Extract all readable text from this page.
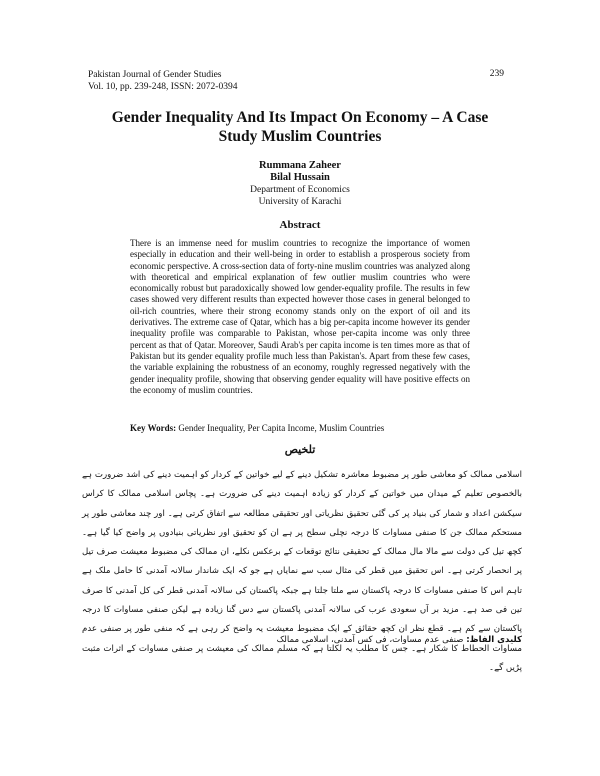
Pakistan Journal of Gender Studies
Vol. 10, pp. 239-248, ISSN: 2072-0394
239
Gender Inequality And Its Impact On Economy – A Case Study Muslim Countries
Rummana Zaheer
Bilal Hussain
Department of Economics
University of Karachi
Abstract

There is an immense need for muslim countries to recognize the importance of women especially in education and their well-being in order to establish a prosperous society from economic perspective. A cross-section data of forty-nine muslim countries was analyzed along with theoretical and empirical explanation of few outlier muslim countries who were economically robust but paradoxically showed low gender-equality profile. The results in few cases showed very different results than expected however those cases in general belonged to oil-rich countries, where their strong economy stands only on the export of oil and its derivatives. The extreme case of Qatar, which has a big per-capita income however its gender inequality profile was comparable to Pakistan, whose per-capita income was only three percent as that of Qatar. Moreover, Saudi Arab's per capita income is ten times more as that of Pakistan but its gender equality profile much less than Pakistan's. Apart from these few cases, the variable explaining the robustness of an economy, roughly regressed negatively with the gender inequality profile, showing that observing gender equality will have positive effects on the economy of muslim countries.

Key Words: Gender Inequality, Per Capita Income, Muslim Countries
تلخیص

اسلامی ممالک کو معاشی طور پر مضبوط معاشرہ تشکیل دینے کے لیے خواتین کے کردار کو اہمیت دینے کی اشد ضرورت ہے بالخصوص تعلیم کے میدان میں خواتین کے کردار کو زیادہ اہمیت دینے کی ضرورت ہے۔ پچاس اسلامی ممالک کا کراس سیکشن اعداد و شمار کی بنیاد پر کی گئی تحقیق نظریاتی اور تحقیقی مطالعہ سے اتفاق کرتی ہے۔ اور چند معاشی طور پر مستحکم ممالک جن کا صنفی مساوات کا درجہ نچلی سطح پر ہے ان کو تحقیق اور نظریاتی بنیادوں پر واضح کیا گیا ہے۔ کچھ تیل کی دولت سے مالا مال ممالک کے تحقیقی نتائج توقعات کے برعکس نکلے، ان ممالک کی مضبوط معیشت صرف تیل پر انحصار کرتی ہے۔ اس تحقیق میں قطر کی مثال سب سے نمایاں ہے جو کہ ایک شاندار سالانہ آمدنی کا حامل ملک ہے تاہم اس کا صنفی مساوات کا درجہ پاکستان سے ملتا جلتا ہے جبکہ پاکستان کی سالانہ آمدنی قطر کی کل آمدنی کا صرف تین فی صد ہے۔ مزید بر آں سعودی عرب کی سالانہ آمدنی پاکستان سے دس گنا زیادہ ہے لیکن صنفی مساوات کا درجہ پاکستان سے کم ہے۔ قطع نظر ان کچھ حقائق کے ایک مضبوط معیشت یہ واضح کر رہی ہے کہ منفی طور پر صنفی عدم مساوات الحطاط کا شکار ہے۔ جس کا مطلب یہ لکلتا ہے کہ مسلم ممالک کی معیشت پر صنفی مساوات کے اثرات مثبت پڑیں گے۔

کلیدی الفاظ: صنفی عدم مساوات، فی کس آمدنی، اسلامی ممالک
